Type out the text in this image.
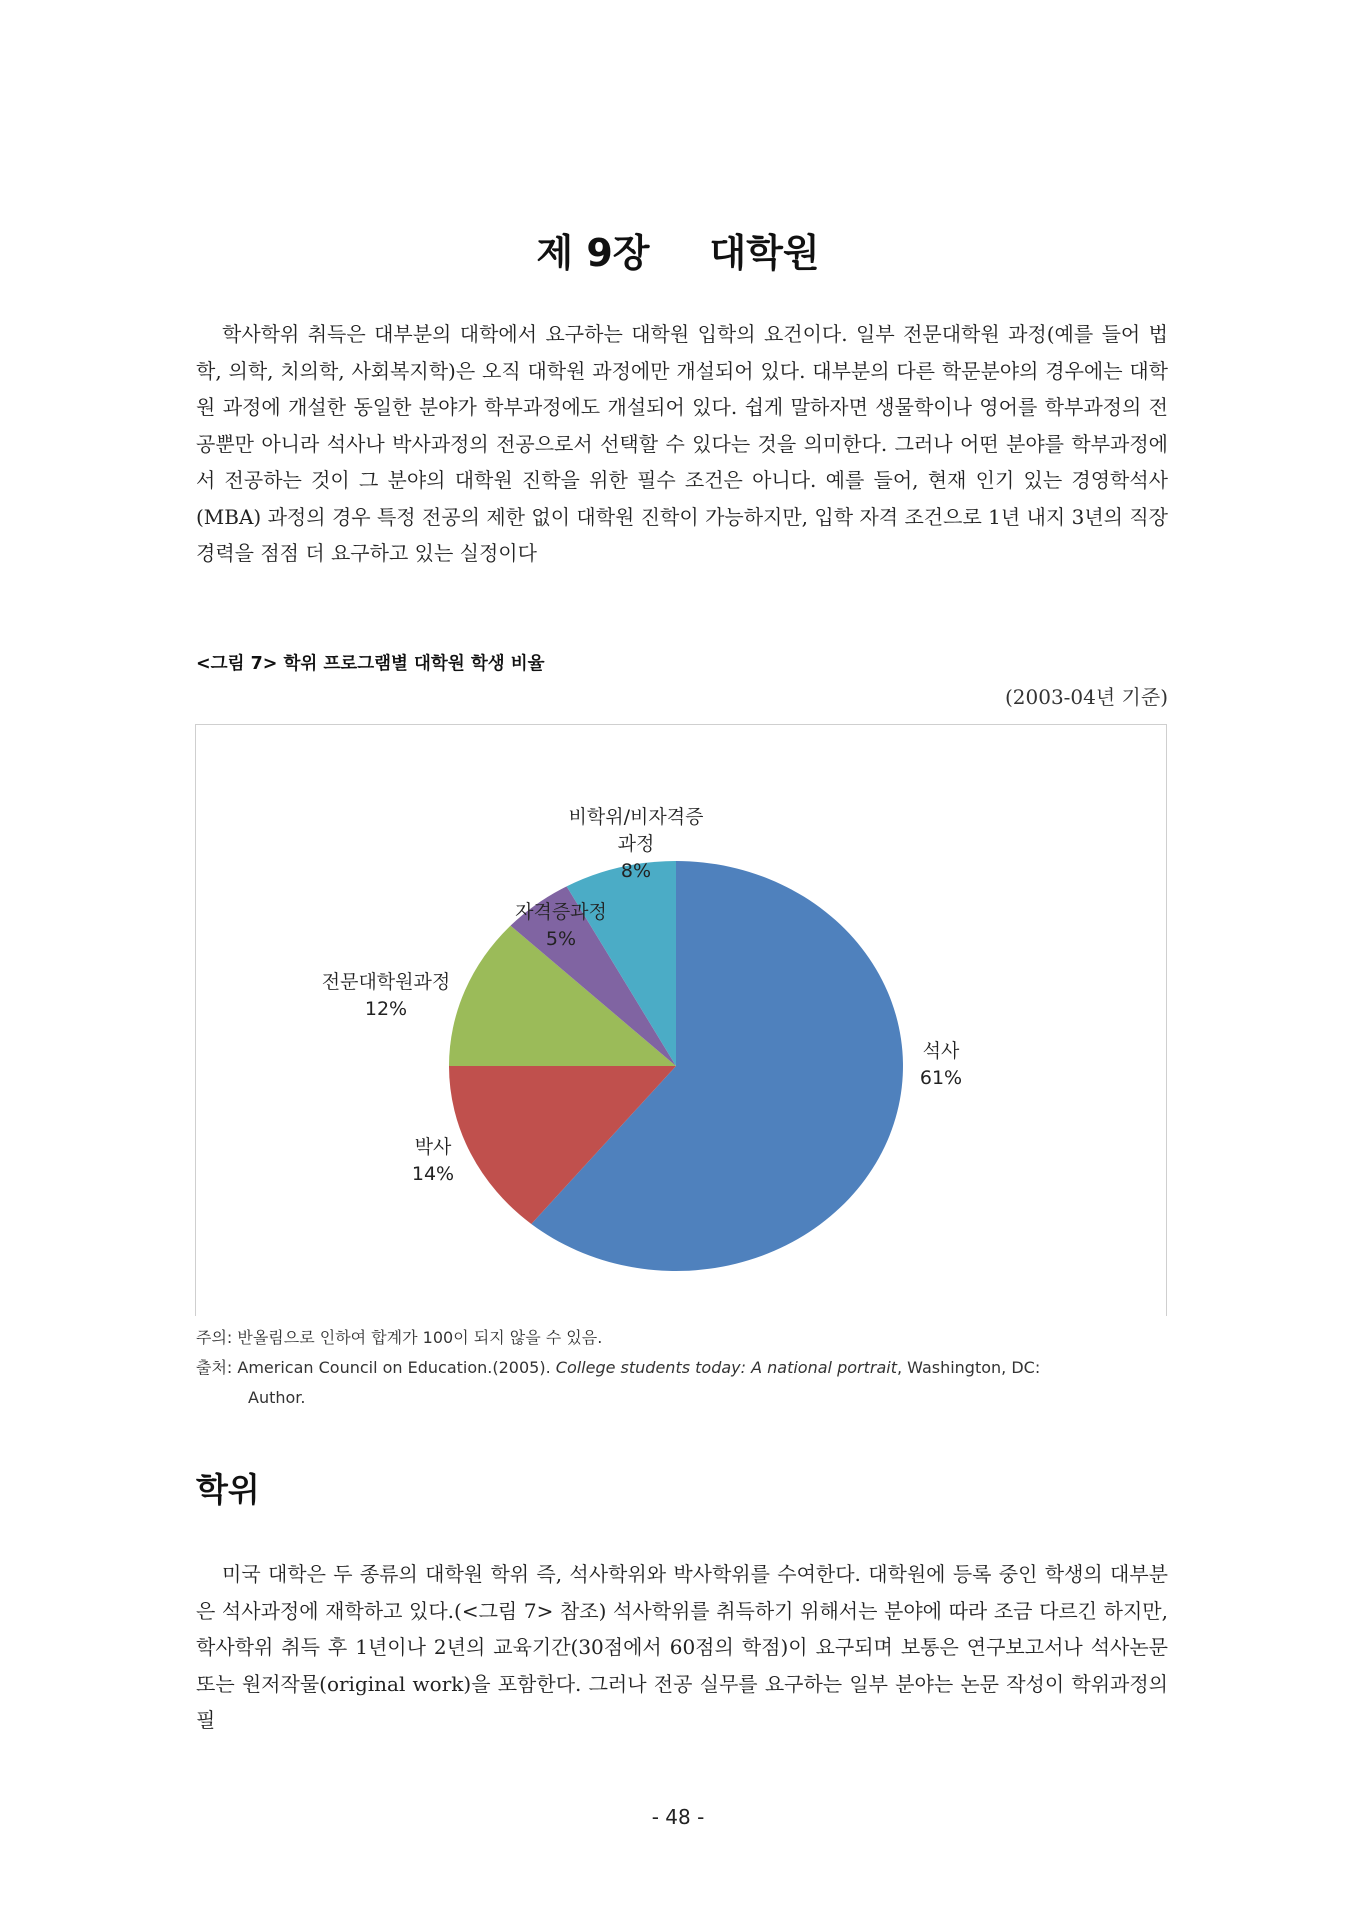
제 9장 대학원

학사학위 취득은 대부분의 대학에서 요구하는 대학원 입학의 요건이다. 일부 전문대학원 과정(예를 들어 법학, 의학, 치의학, 사회복지학)은 오직 대학원 과정에만 개설되어 있다. 대부분의 다른 학문분야의 경우에는 대학원 과정에 개설한 동일한 분야가 학부과정에도 개설되어 있다. 쉽게 말하자면 생물학이나 영어를 학부과정의 전공뿐만 아니라 석사나 박사과정의 전공으로서 선택할 수 있다는 것을 의미한다. 그러나 어떤 분야를 학부과정에서 전공하는 것이 그 분야의 대학원 진학을 위한 필수 조건은 아니다. 예를 들어, 현재 인기 있는 경영학석사(MBA) 과정의 경우 특정 전공의 제한 없이 대학원 진학이 가능하지만, 입학 자격 조건으로 1년 내지 3년의 직장경력을 점점 더 요구하고 있는 실정이다

<그림 7> 학위 프로그램별 대학원 학생 비율
(2003-04년 기준)
석사
61%
박사
14%
전문대학원과정
12%
자격증과정
5%
비학위/비자격증
과정
8%
주의: 반올림으로 인하여 합계가 100이 되지 않을 수 있음.
출처: American Council on Education.(2005). College students today: A national portrait, Washington, DC:
Author.
학위

미국 대학은 두 종류의 대학원 학위 즉, 석사학위와 박사학위를 수여한다. 대학원에 등록 중인 학생의 대부분은 석사과정에 재학하고 있다.(<그림 7> 참조) 석사학위를 취득하기 위해서는 분야에 따라 조금 다르긴 하지만, 학사학위 취득 후 1년이나 2년의 교육기간(30점에서 60점의 학점)이 요구되며 보통은 연구보고서나 석사논문 또는 원저작물(original work)을 포함한다. 그러나 전공 실무를 요구하는 일부 분야는 논문 작성이 학위과정의 필

- 48 -
